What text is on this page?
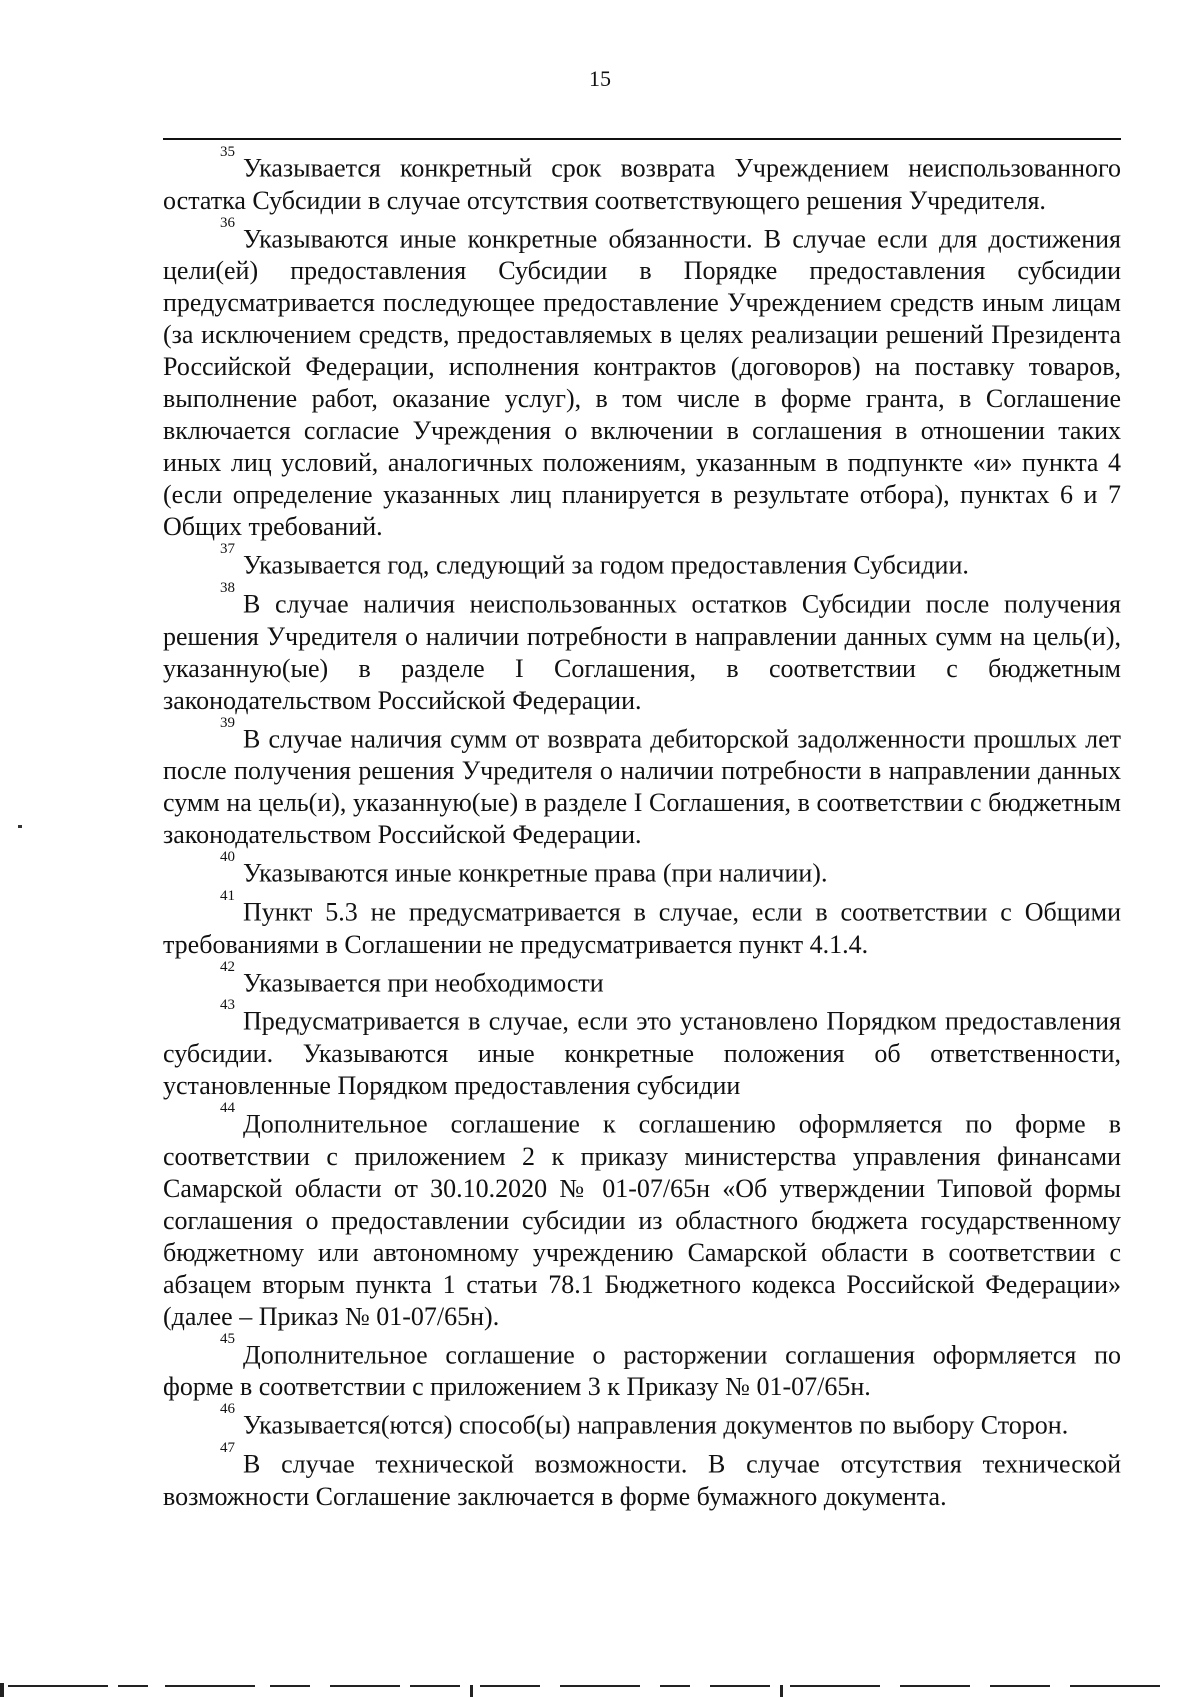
15

$^{35}$Указывается конкретный срок возврата Учреждением неиспользованного остатка Субсидии в случае отсутствия соответствующего решения Учредителя.

$^{36}$Указываются иные конкретные обязанности. В случае если для достижения цели(ей) предоставления Субсидии в Порядке предоставления субсидии предусматривается последующее предоставление Учреждением средств иным лицам (за исключением средств, предоставляемых в целях реализации решений Президента Российской Федерации, исполнения контрактов (договоров) на поставку товаров, выполнение работ, оказание услуг), в том числе в форме гранта, в Соглашение включается согласие Учреждения о включении в соглашения в отношении таких иных лиц условий, аналогичных положениям, указанным в подпункте «и» пункта 4 (если определение указанных лиц планируется в результате отбора), пунктах 6 и 7 Общих требований.

$^{37}$Указывается год, следующий за годом предоставления Субсидии.

$^{38}$В случае наличия неиспользованных остатков Субсидии после получения решения Учредителя о наличии потребности в направлении данных сумм на цель(и), указанную(ые) в разделе I Соглашения, в соответствии с бюджетным законодательством Российской Федерации.

$^{39}$В случае наличия сумм от возврата дебиторской задолженности прошлых лет после получения решения Учредителя о наличии потребности в направлении данных сумм на цель(и), указанную(ые) в разделе I Соглашения, в соответствии с бюджетным законодательством Российской Федерации.

$^{40}$Указываются иные конкретные права (при наличии).

$^{41}$Пункт 5.3 не предусматривается в случае, если в соответствии с Общими требованиями в Соглашении не предусматривается пункт 4.1.4.

$^{42}$Указывается при необходимости

$^{43}$Предусматривается в случае, если это установлено Порядком предоставления субсидии. Указываются иные конкретные положения об ответственности, установленные Порядком предоставления субсидии

$^{44}$Дополнительное соглашение к соглашению оформляется по форме в соответствии с приложением 2 к приказу министерства управления финансами Самарской области от 30.10.2020 № 01-07/65н «Об утверждении Типовой формы соглашения о предоставлении субсидии из областного бюджета государственному бюджетному или автономному учреждению Самарской области в соответствии с абзацем вторым пункта 1 статьи 78.1 Бюджетного кодекса Российской Федерации» (далее – Приказ № 01-07/65н).

$^{45}$Дополнительное соглашение о расторжении соглашения оформляется по форме в соответствии с приложением 3 к Приказу № 01-07/65н.

$^{46}$Указывается(ются) способ(ы) направления документов по выбору Сторон.

$^{47}$В случае технической возможности. В случае отсутствия технической возможности Соглашение заключается в форме бумажного документа.
